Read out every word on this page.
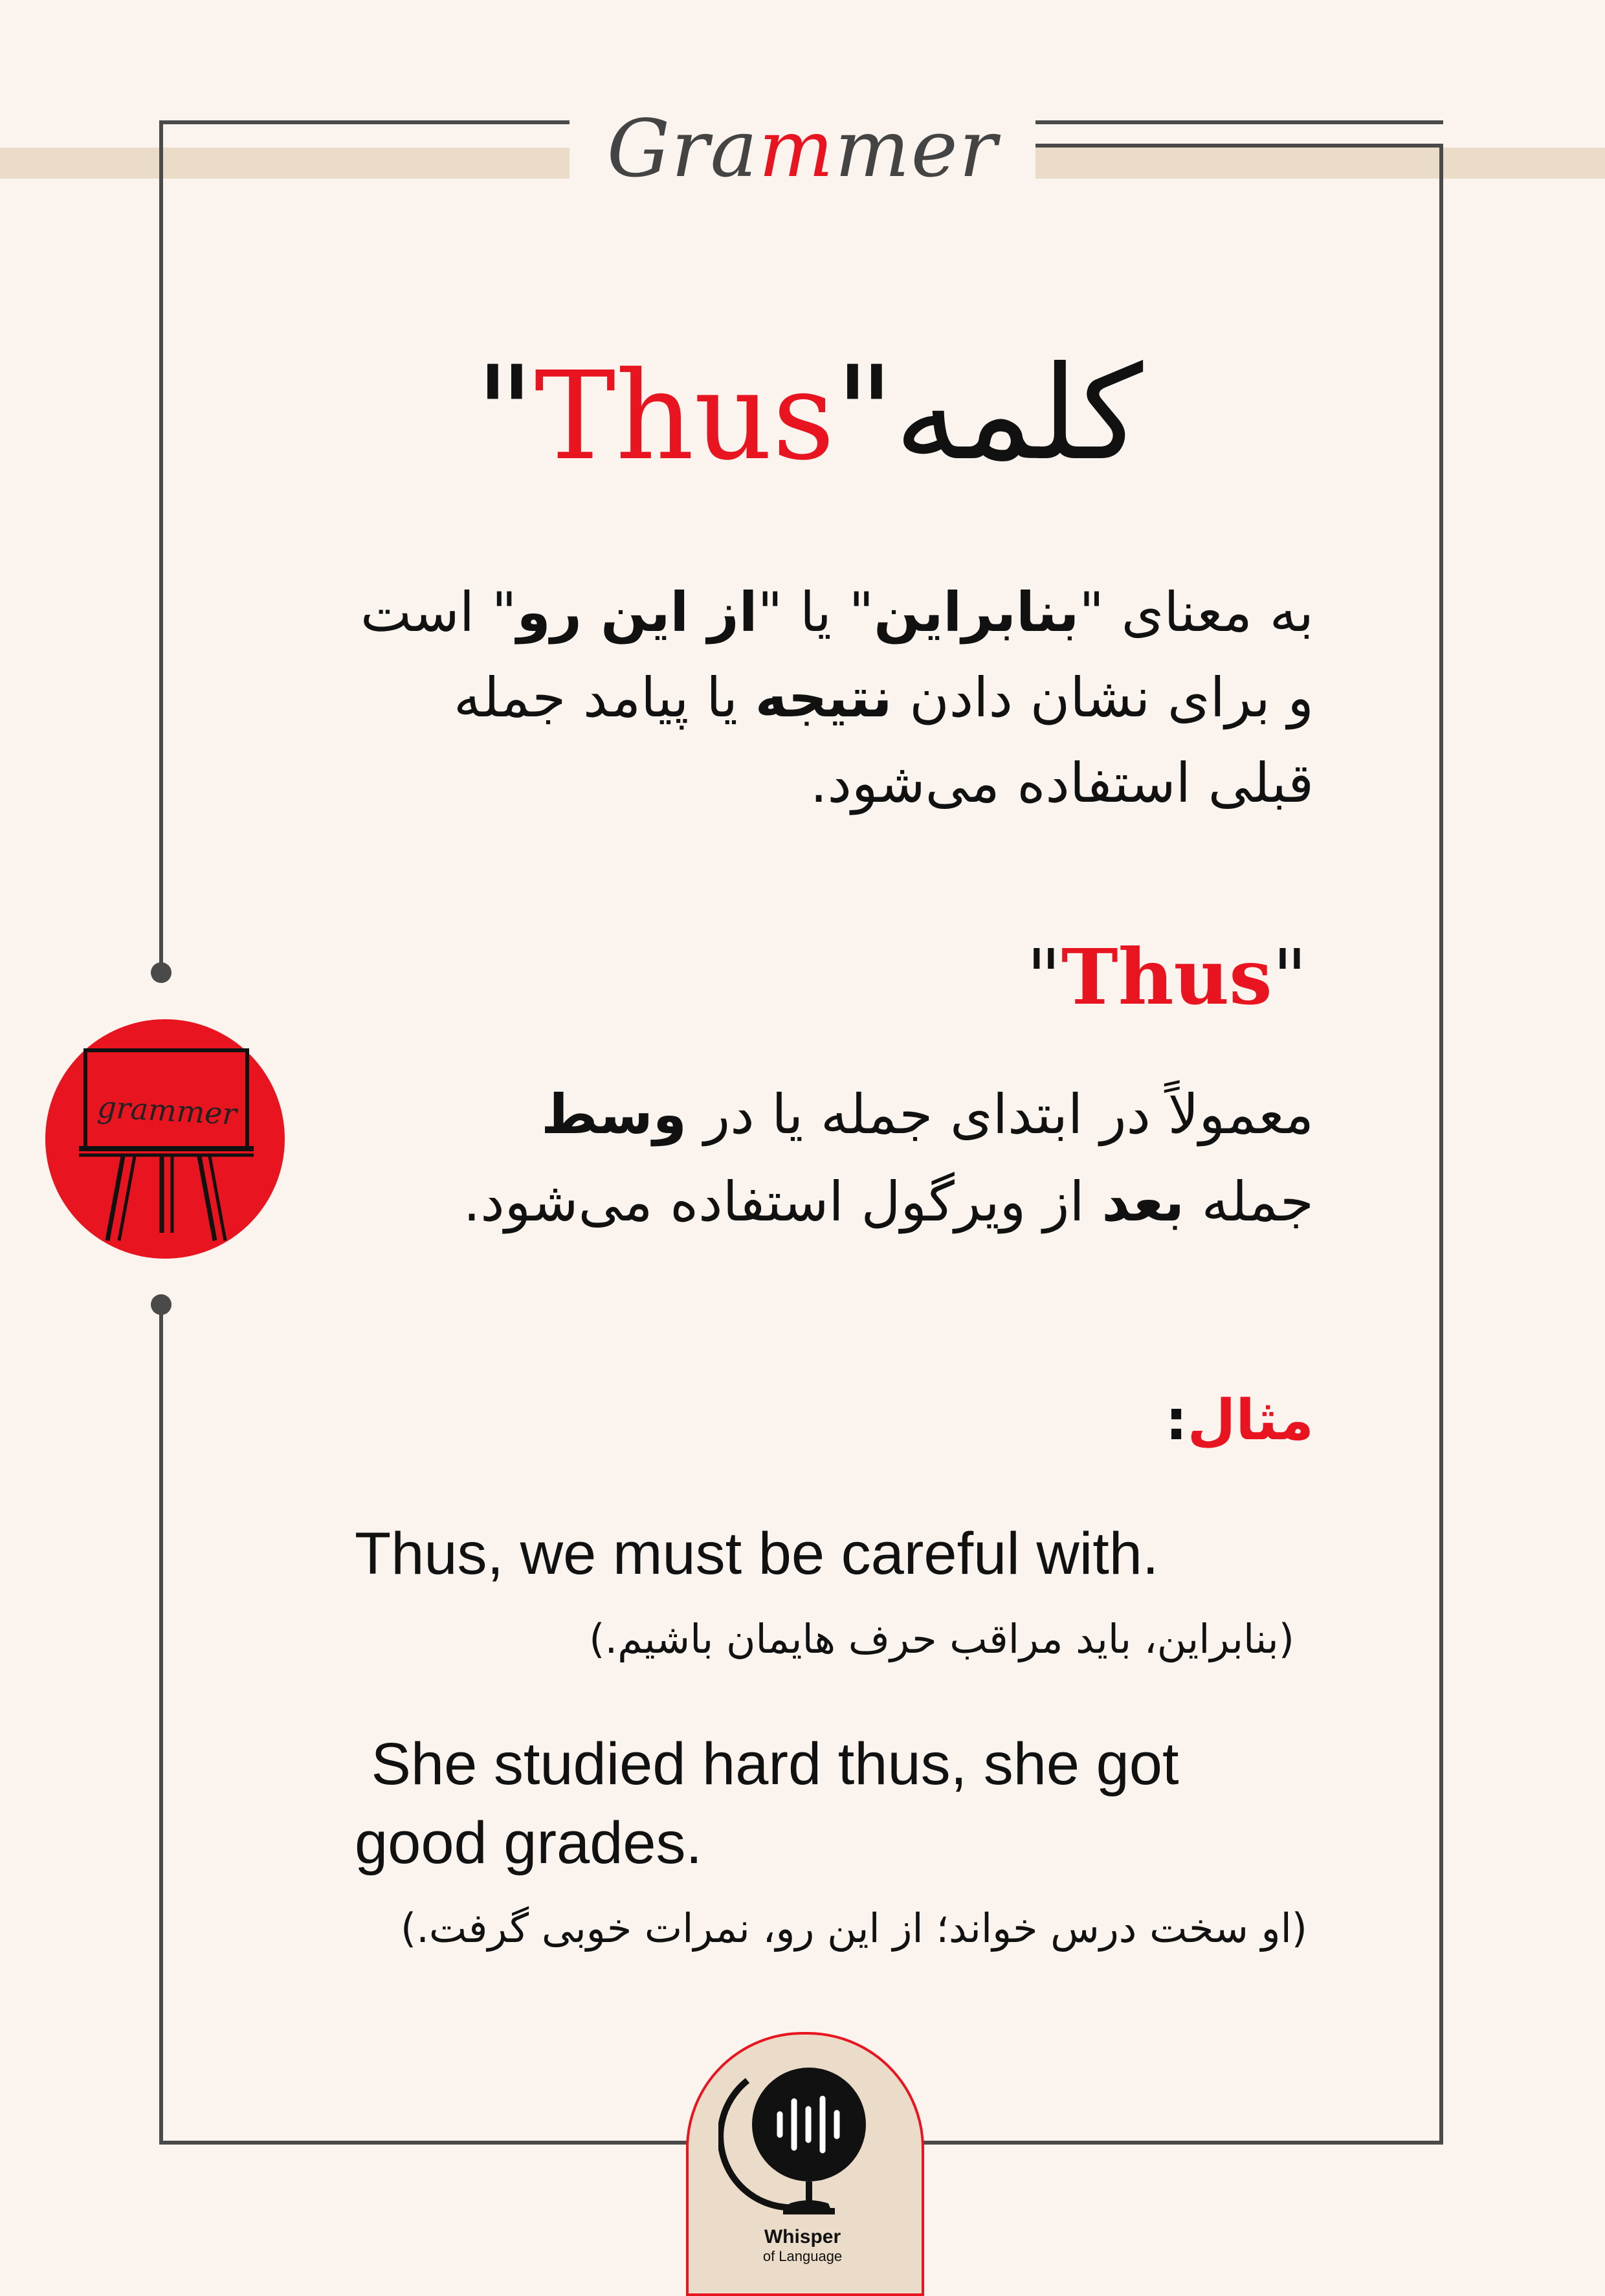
Grammer
کلمه"Thus"
به معنای "بنابراین" یا "از این رو" است
و برای نشان دادن نتیجه یا پیامد جمله
قبلی استفاده می‌شود.
"Thus"
معمولاً در ابتدای جمله یا در وسط
جمله بعد از ویرگول استفاده می‌شود.
مثال:
Thus, we must be careful with.
(بنابراین، باید مراقب حرف هایمان باشیم.)
She studied hard thus, she got
good grades.
(او سخت درس خواند؛ از این رو، نمرات خوبی گرفت.)
grammer
Whisper
of Language
